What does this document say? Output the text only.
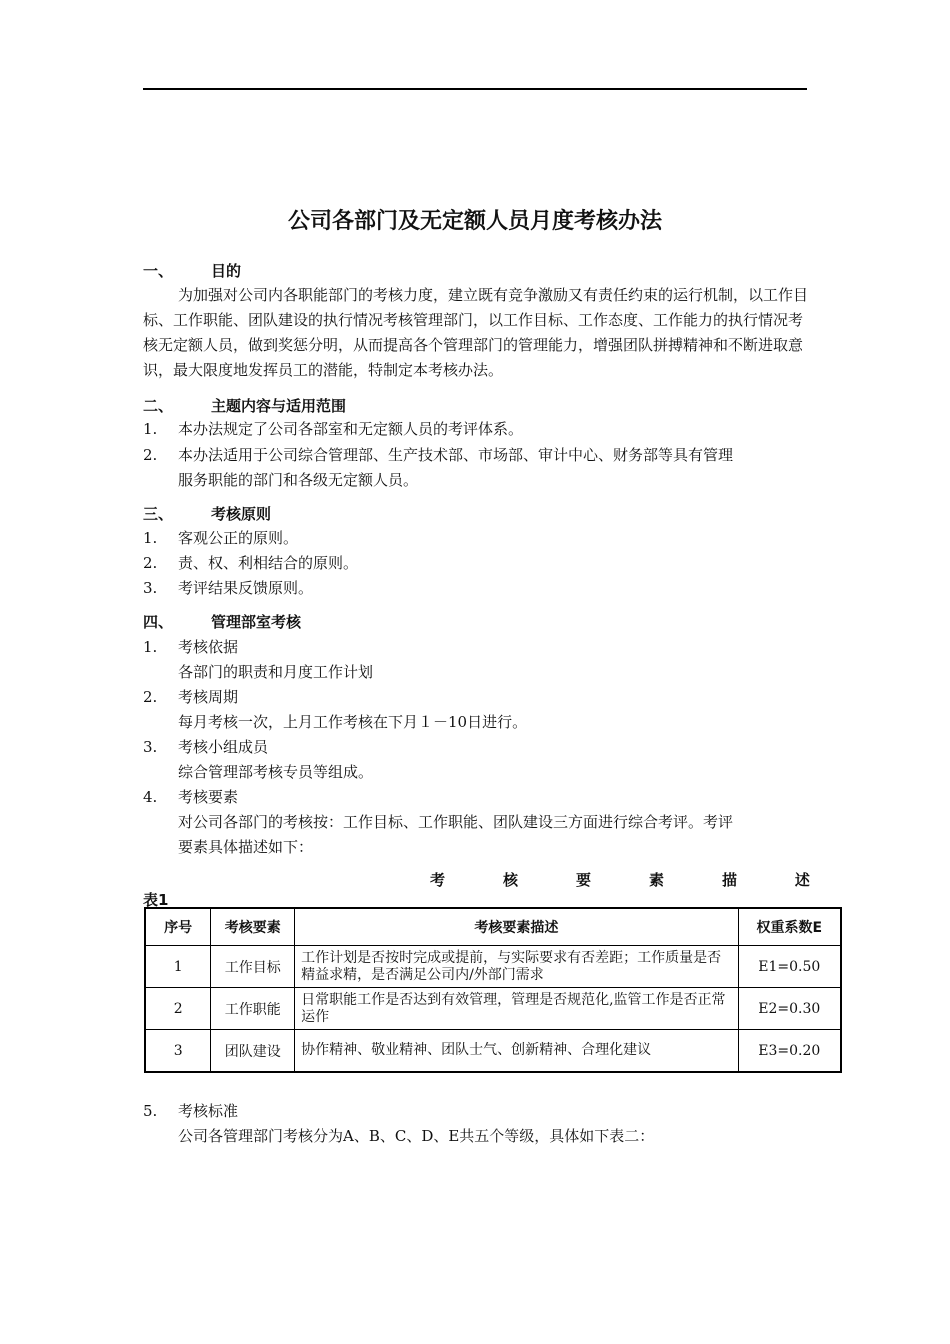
公司各部门及无定额人员月度考核办法
一、	目的
为加强对公司内各职能部门的考核力度，建立既有竞争激励又有责任约束的运行机制，以工作目标、工作职能、团队建设的执行情况考核管理部门，以工作目标、工作态度、工作能力的执行情况考核无定额人员，做到奖惩分明，从而提高各个管理部门的管理能力，增强团队拼搏精神和不断进取意识，最大限度地发挥员工的潜能，特制定本考核办法。
二、	主题内容与适用范围
1. 本办法规定了公司各部室和无定额人员的考评体系。
2. 本办法适用于公司综合管理部、生产技术部、市场部、审计中心、财务部等具有管理
服务职能的部门和各级无定额人员。
三、	考核原则
1. 客观公正的原则。
2. 责、权、利相结合的原则。
3. 考评结果反馈原则。
四、	管理部室考核
1. 考核依据
各部门的职责和月度工作计划
2. 考核周期
每月考核一次，上月工作考核在下月１－10日进行。
3. 考核小组成员
综合管理部考核专员等组成。
4. 考核要素
对公司各部门的考核按：工作目标、工作职能、团队建设三方面进行综合考评。考评
要素具体描述如下：
考	核	要	素	描	述
表1
序号	考核要素	考核要素描述	权重系数E
1	工作目标	工作计划是否按时完成或提前，与实际要求有否差距；工作质量是否精益求精，是否满足公司内/外部门需求	E1=0.50
2	工作职能	日常职能工作是否达到有效管理，管理是否规范化,监管工作是否正常运作	E2=0.30
3	团队建设	协作精神、敬业精神、团队士气、创新精神、合理化建议	E3=0.20
5. 考核标准
公司各管理部门考核分为A、B、C、D、E共五个等级，具体如下表二：
